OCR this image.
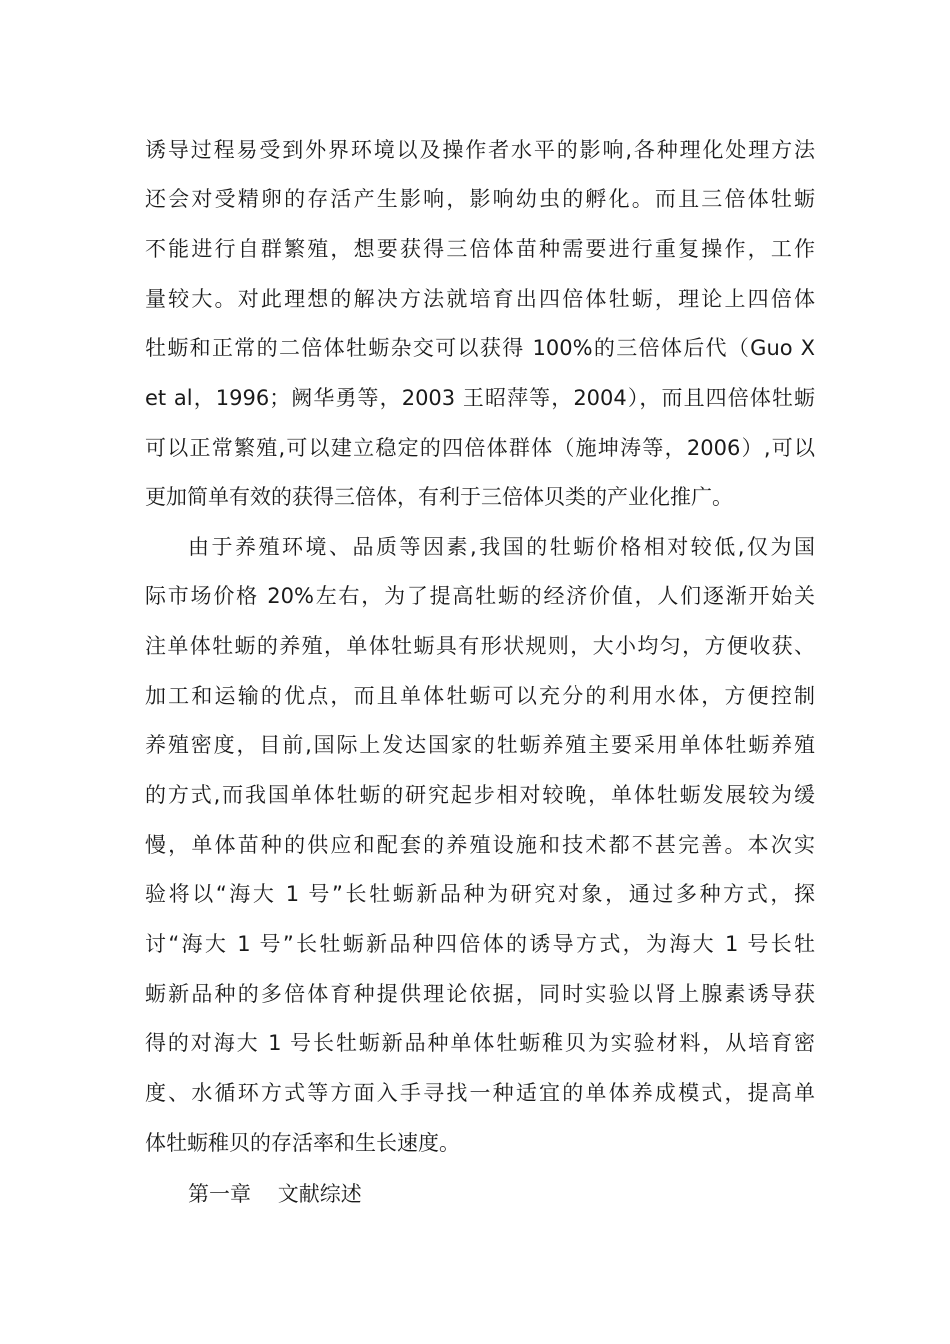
诱导过程易受到外界环境以及操作者水平的影响,各种理化处理方法
还会对受精卵的存活产生影响，影响幼虫的孵化。而且三倍体牡蛎
不能进行自群繁殖，想要获得三倍体苗种需要进行重复操作，工作
量较大。对此理想的解决方法就培育出四倍体牡蛎，理论上四倍体
牡蛎和正常的二倍体牡蛎杂交可以获得 100%的三倍体后代（Guo X
et al，1996；阙华勇等，2003 王昭萍等，2004），而且四倍体牡蛎
可以正常繁殖,可以建立稳定的四倍体群体（施坤涛等，2006）,可以
更加简单有效的获得三倍体，有利于三倍体贝类的产业化推广。
由于养殖环境、品质等因素,我国的牡蛎价格相对较低,仅为国
际市场价格 20%左右，为了提高牡蛎的经济价值，人们逐渐开始关
注单体牡蛎的养殖，单体牡蛎具有形状规则，大小均匀，方便收获、
加工和运输的优点，而且单体牡蛎可以充分的利用水体，方便控制
养殖密度，目前,国际上发达国家的牡蛎养殖主要采用单体牡蛎养殖
的方式,而我国单体牡蛎的研究起步相对较晚，单体牡蛎发展较为缓
慢，单体苗种的供应和配套的养殖设施和技术都不甚完善。本次实
验将以“海大 1 号”长牡蛎新品种为研究对象，通过多种方式，探
讨“海大 1 号”长牡蛎新品种四倍体的诱导方式，为海大 1 号长牡
蛎新品种的多倍体育种提供理论依据，同时实验以肾上腺素诱导获
得的对海大 1 号长牡蛎新品种单体牡蛎稚贝为实验材料，从培育密
度、水循环方式等方面入手寻找一种适宜的单体养成模式，提高单
体牡蛎稚贝的存活率和生长速度。
第一章    文献综述
